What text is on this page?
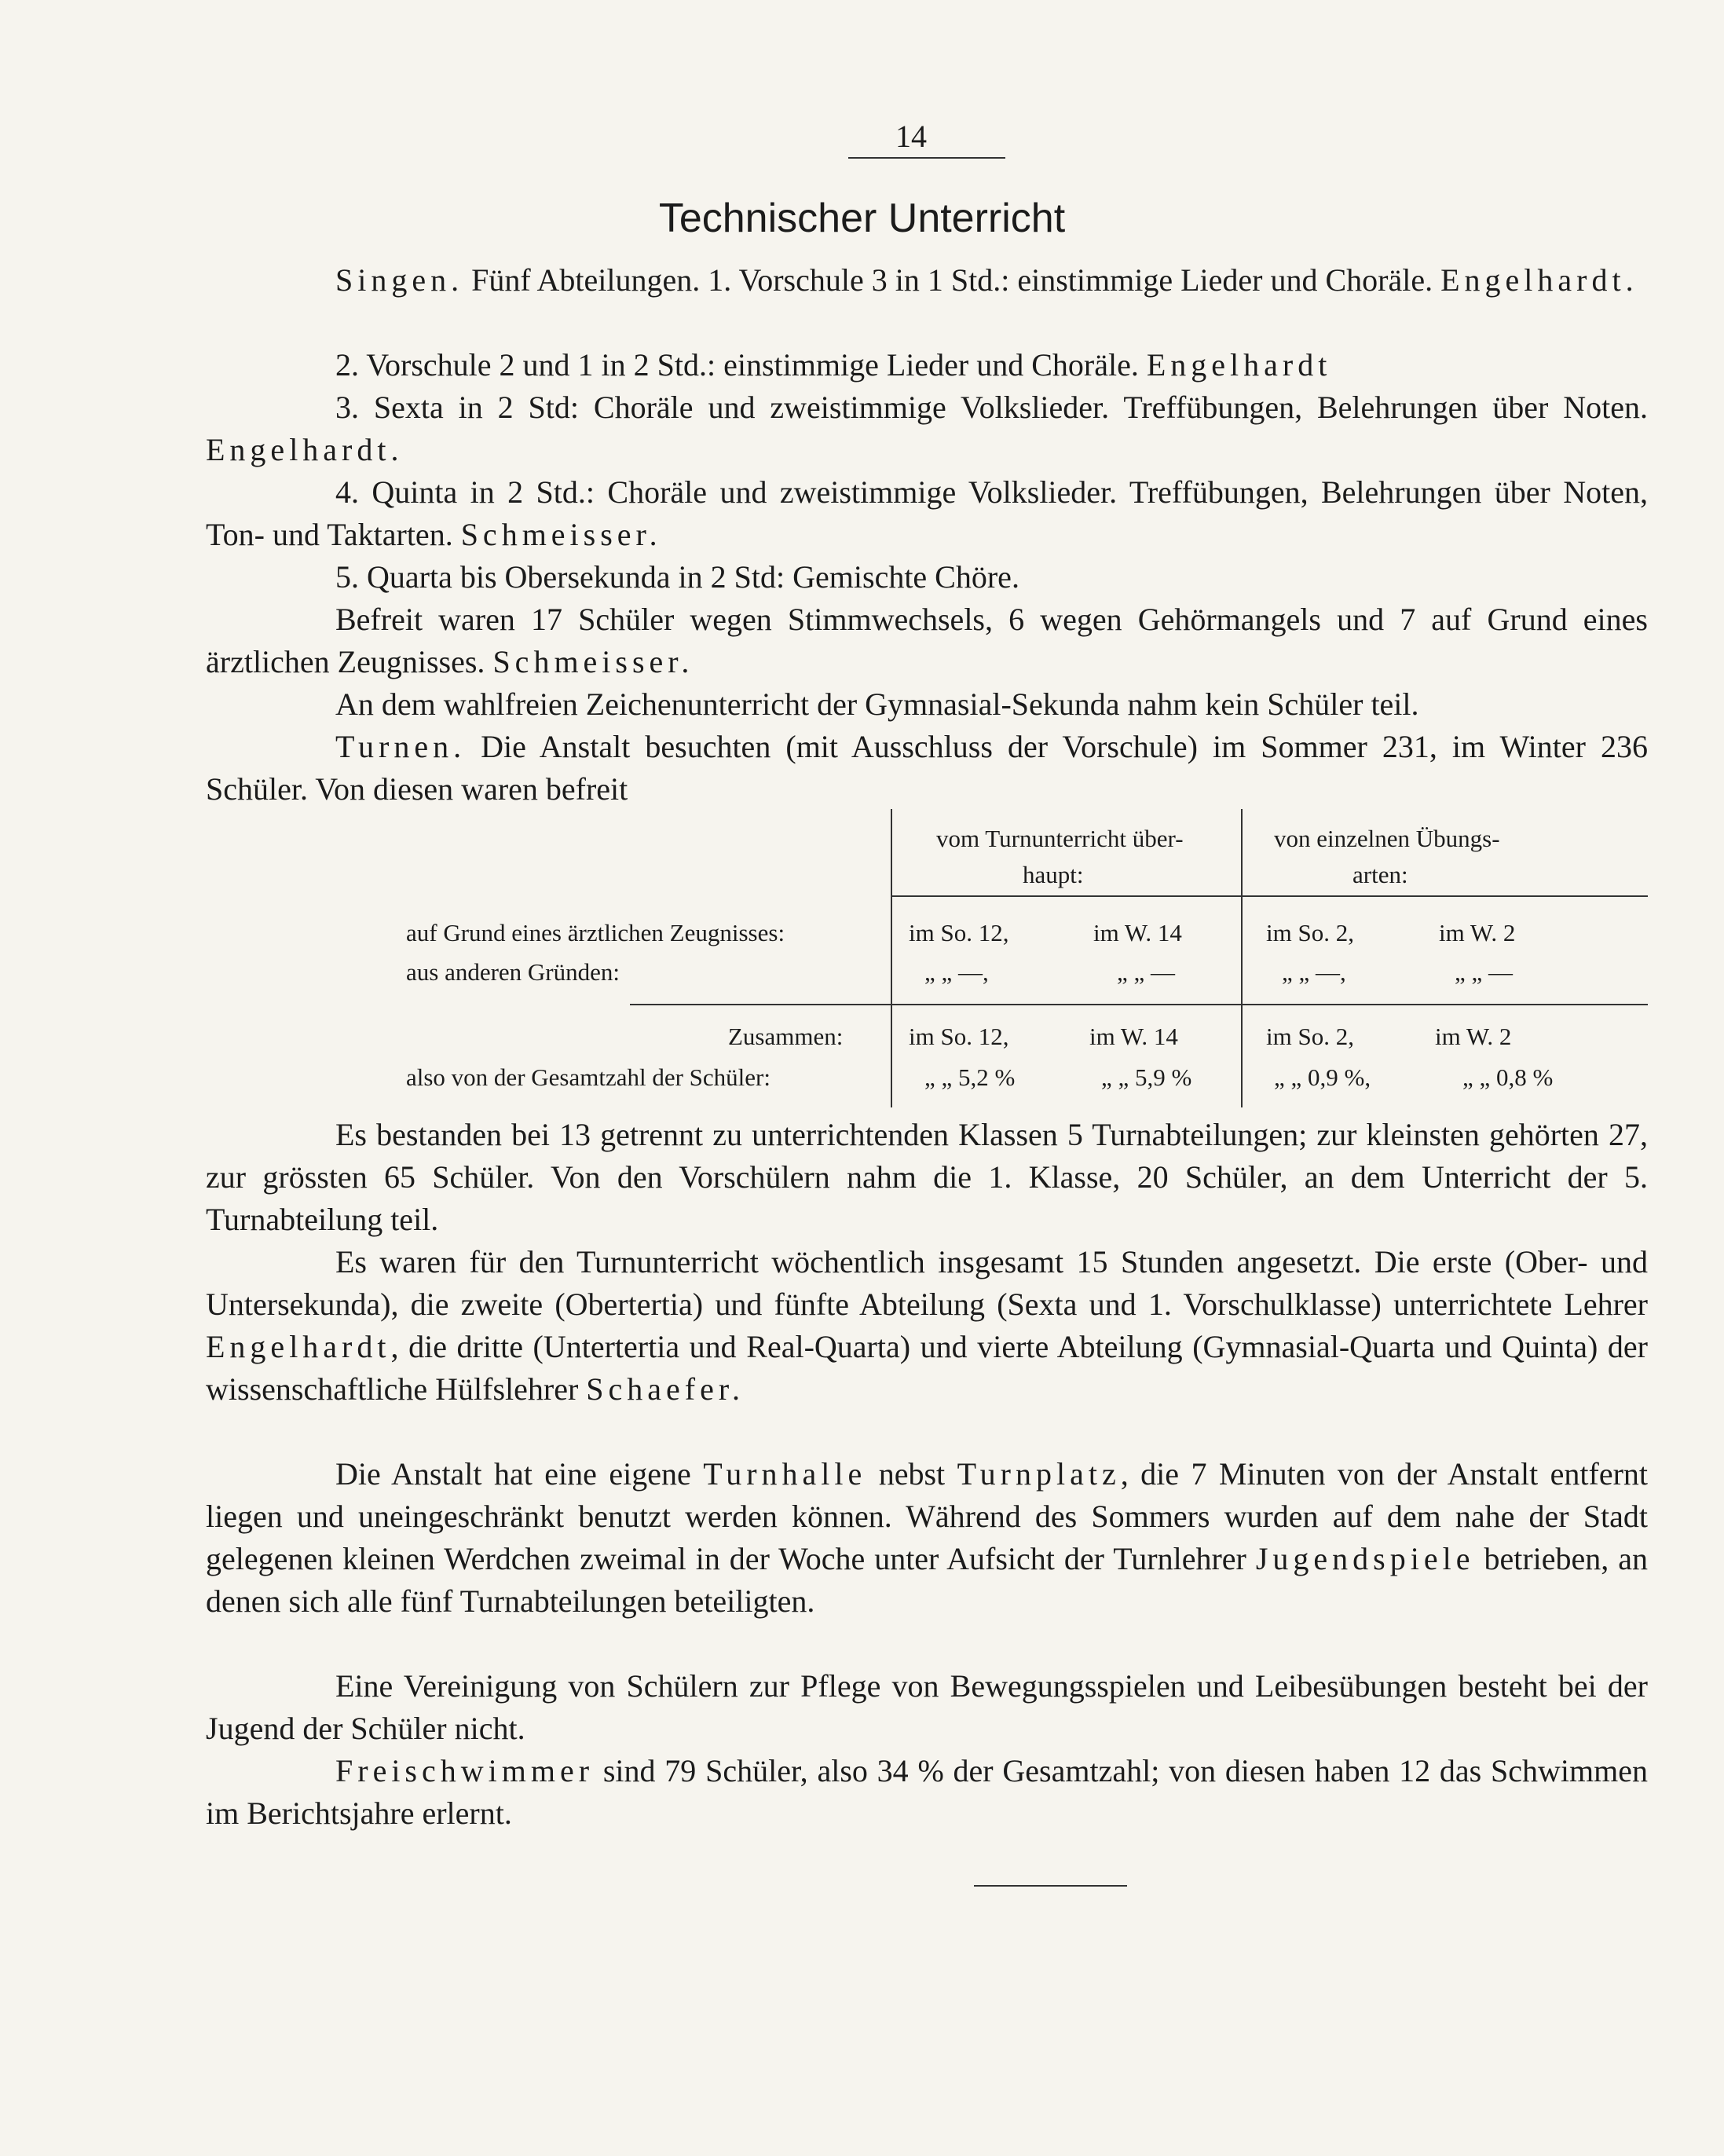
14
Technischer Unterricht
Singen. Fünf Abteilungen. 1. Vorschule 3 in 1 Std.: einstimmige Lieder und Choräle. Engelhardt.
2. Vorschule 2 und 1 in 2 Std.: einstimmige Lieder und Choräle. Engelhardt
3. Sexta in 2 Std: Choräle und zweistimmige Volkslieder. Treffübungen, Belehrungen über Noten. Engelhardt.
4. Quinta in 2 Std.: Choräle und zweistimmige Volkslieder. Treffübungen, Belehrungen über Noten, Ton- und Taktarten. Schmeisser.
5. Quarta bis Obersekunda in 2 Std: Gemischte Chöre.
Befreit waren 17 Schüler wegen Stimmwechsels, 6 wegen Gehörmangels und 7 auf Grund eines ärztlichen Zeugnisses. Schmeisser.
An dem wahlfreien Zeichenunterricht der Gymnasial-Sekunda nahm kein Schüler teil.
Turnen. Die Anstalt besuchten (mit Ausschluss der Vorschule) im Sommer 231, im Winter 236 Schüler. Von diesen waren befreit
vom Turnunterricht über-
haupt:
von einzelnen Übungs-
arten:
auf Grund eines ärztlichen Zeugnisses:	im So. 12,	im W. 14	im So. 2,	im W. 2
aus anderen Gründen:	„ „ —,	„ „ —	„ „ —,	„ „ —
Zusammen:	im So. 12,	im W. 14	im So. 2,	im W. 2
also von der Gesamtzahl der Schüler:	„ „ 5,2 %	„ „ 5,9 %	„ „ 0,9 %,	„ „ 0,8 %
Es bestanden bei 13 getrennt zu unterrichtenden Klassen 5 Turnabteilungen; zur kleinsten gehörten 27, zur grössten 65 Schüler. Von den Vorschülern nahm die 1. Klasse, 20 Schüler, an dem Unterricht der 5. Turnabteilung teil.
Es waren für den Turnunterricht wöchentlich insgesamt 15 Stunden angesetzt. Die erste (Ober- und Untersekunda), die zweite (Obertertia) und fünfte Abteilung (Sexta und 1. Vorschulklasse) unterrichtete Lehrer Engelhardt, die dritte (Untertertia und Real-Quarta) und vierte Abteilung (Gymnasial-Quarta und Quinta) der wissenschaftliche Hülfslehrer Schaefer.
Die Anstalt hat eine eigene Turnhalle nebst Turnplatz, die 7 Minuten von der Anstalt entfernt liegen und uneingeschränkt benutzt werden können. Während des Sommers wurden auf dem nahe der Stadt gelegenen kleinen Werdchen zweimal in der Woche unter Aufsicht der Turnlehrer Jugendspiele betrieben, an denen sich alle fünf Turnabteilungen beteiligten.
Eine Vereinigung von Schülern zur Pflege von Bewegungsspielen und Leibesübungen besteht bei der Jugend der Schüler nicht.
Freischwimmer sind 79 Schüler, also 34 % der Gesamtzahl; von diesen haben 12 das Schwimmen im Berichtsjahre erlernt.
